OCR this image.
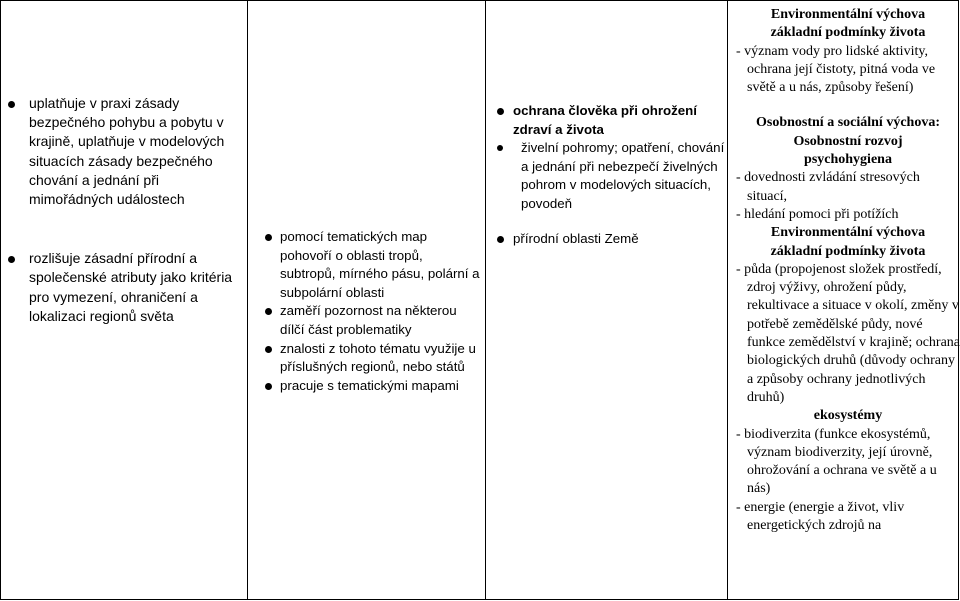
uplatňuje v praxi zásady bezpečného pohybu a pobytu v krajině, uplatňuje v modelových situacích zásady bezpečného chování a jednání při mimořádných událostech
rozlišuje zásadní přírodní a společenské atributy jako kritéria pro vymezení, ohraničení a lokalizaci regionů světa
pomocí tematických map pohovoří o oblasti tropů, subtropů, mírného pásu, polární a subpolární oblasti
zaměří pozornost na některou dílčí část problematiky
znalosti z tohoto tématu využije u příslušných regionů, nebo států
pracuje s tematickými mapami
ochrana člověka při ohrožení zdraví a života
živelní pohromy; opatření, chování a jednání při nebezpečí živelných pohrom v modelových situacích, povodeň
přírodní oblasti Země
Environmentální výchova
základní podmínky života
- význam vody pro lidské aktivity, ochrana její čistoty, pitná voda ve světě a u nás, způsoby řešení)
Osobnostní a sociální výchova:
Osobnostní rozvoj
psychohygiena
- dovednosti zvládání stresových situací,
- hledání pomoci při potížích
Environmentální výchova
základní podmínky života
- půda (propojenost složek prostředí, zdroj výživy, ohrožení půdy, rekultivace a situace v okolí, změny v potřebě zemědělské půdy, nové funkce zemědělství v krajině; ochrana biologických druhů (důvody ochrany a způsoby ochrany jednotlivých druhů)
ekosystémy
- biodiverzita (funkce ekosystémů, význam biodiverzity, její úrovně, ohrožování a ochrana ve světě a u nás)
- energie (energie a život, vliv energetických zdrojů na
